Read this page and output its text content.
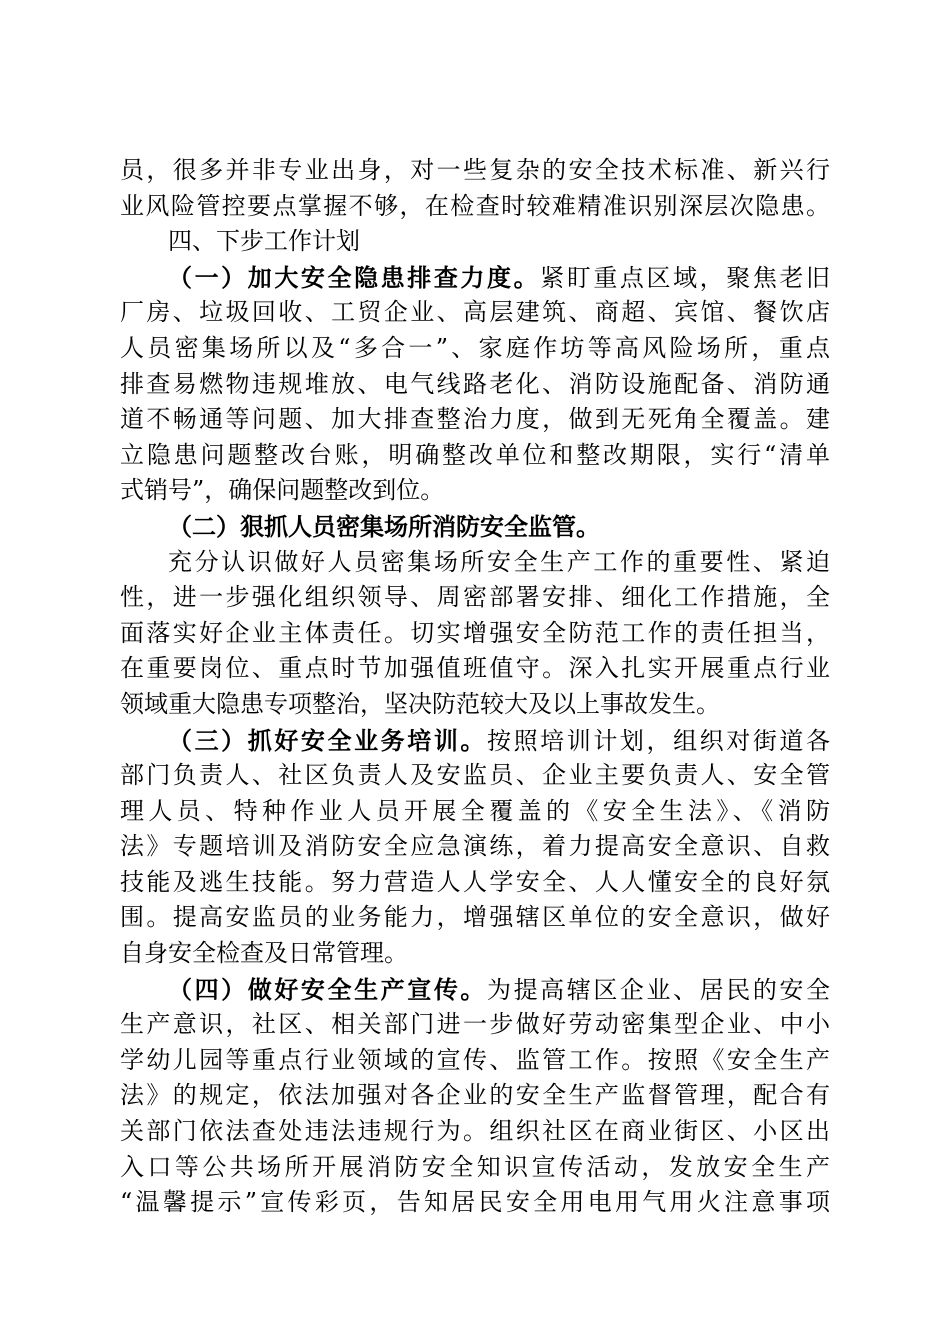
员，很多并非专业出身，对一些复杂的安全技术标准、新兴行
业风险管控要点掌握不够，在检查时较难精准识别深层次隐患。
四、下步工作计划
（一）加大安全隐患排查力度。紧盯重点区域，聚焦老旧
厂房、垃圾回收、工贸企业、高层建筑、商超、宾馆、餐饮店
人员密集场所以及“多合一”、家庭作坊等高风险场所，重点
排查易燃物违规堆放、电气线路老化、消防设施配备、消防通
道不畅通等问题、加大排查整治力度，做到无死角全覆盖。建
立隐患问题整改台账，明确整改单位和整改期限，实行“清单
式销号”，确保问题整改到位。
（二）狠抓人员密集场所消防安全监管。
充分认识做好人员密集场所安全生产工作的重要性、紧迫
性，进一步强化组织领导、周密部署安排、细化工作措施，全
面落实好企业主体责任。切实增强安全防范工作的责任担当，
在重要岗位、重点时节加强值班值守。深入扎实开展重点行业
领域重大隐患专项整治，坚决防范较大及以上事故发生。
（三）抓好安全业务培训。按照培训计划，组织对街道各
部门负责人、社区负责人及安监员、企业主要负责人、安全管
理人员、特种作业人员开展全覆盖的《安全生法》、《消防
法》专题培训及消防安全应急演练，着力提高安全意识、自救
技能及逃生技能。努力营造人人学安全、人人懂安全的良好氛
围。提高安监员的业务能力，增强辖区单位的安全意识，做好
自身安全检查及日常管理。
（四）做好安全生产宣传。为提高辖区企业、居民的安全
生产意识，社区、相关部门进一步做好劳动密集型企业、中小
学幼儿园等重点行业领域的宣传、监管工作。按照《安全生产
法》的规定，依法加强对各企业的安全生产监督管理，配合有
关部门依法查处违法违规行为。组织社区在商业街区、小区出
入口等公共场所开展消防安全知识宣传活动，发放安全生产
“温馨提示”宣传彩页，告知居民安全用电用气用火注意事项
